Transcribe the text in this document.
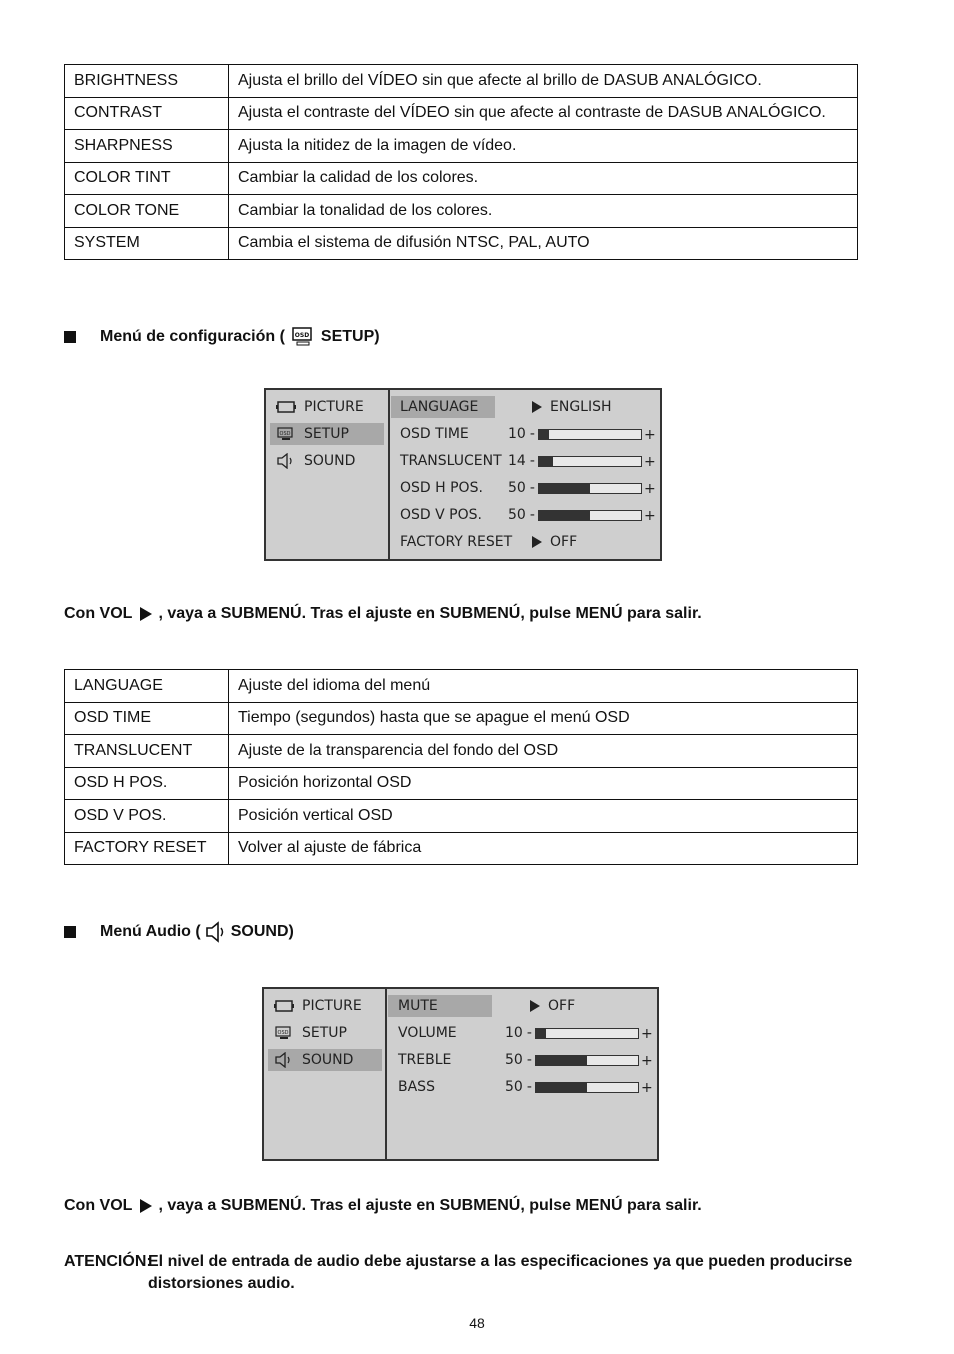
BRIGHTNESS	Ajusta el brillo del VÍDEO sin que afecte al brillo de DASUB ANALÓGICO.
CONTRAST	Ajusta el contraste del VÍDEO sin que afecte al contraste de DASUB ANALÓGICO.
SHARPNESS	Ajusta la nitidez de la imagen de vídeo.
COLOR TINT	Cambiar la calidad de los colores.
COLOR TONE	Cambiar la tonalidad de los colores.
SYSTEM	Cambia el sistema de difusión NTSC, PAL, AUTO
Menú de configuración ( OSD SETUP)
PICTURE
OSD SETUP
SOUND
LANGUAGE	ENGLISH
OSD TIME	10 -	+
TRANSLUCENT 14 -	+
OSD H POS. 50 -	+
OSD V POS. 50 -	+
FACTORY RESET	OFF
Con VOL , vaya a SUBMENÚ. Tras el ajuste en SUBMENÚ, pulse MENÚ para salir.
LANGUAGE	Ajuste del idioma del menú
OSD TIME	Tiempo (segundos) hasta que se apague el menú OSD
TRANSLUCENT	Ajuste de la transparencia del fondo del OSD
OSD H POS.	Posición horizontal OSD
OSD V POS.	Posición vertical OSD
FACTORY RESET	Volver al ajuste de fábrica
Menú Audio ( SOUND)
PICTURE
OSD SETUP
SOUND
MUTE	OFF
VOLUME	10 -	+
TREBLE	50 -	+
BASS	50 -	+
Con VOL , vaya a SUBMENÚ. Tras el ajuste en SUBMENÚ, pulse MENÚ para salir.
ATENCIÓN:
El nivel de entrada de audio debe ajustarse a las especificaciones ya que pueden producirse
distorsiones audio.
48
